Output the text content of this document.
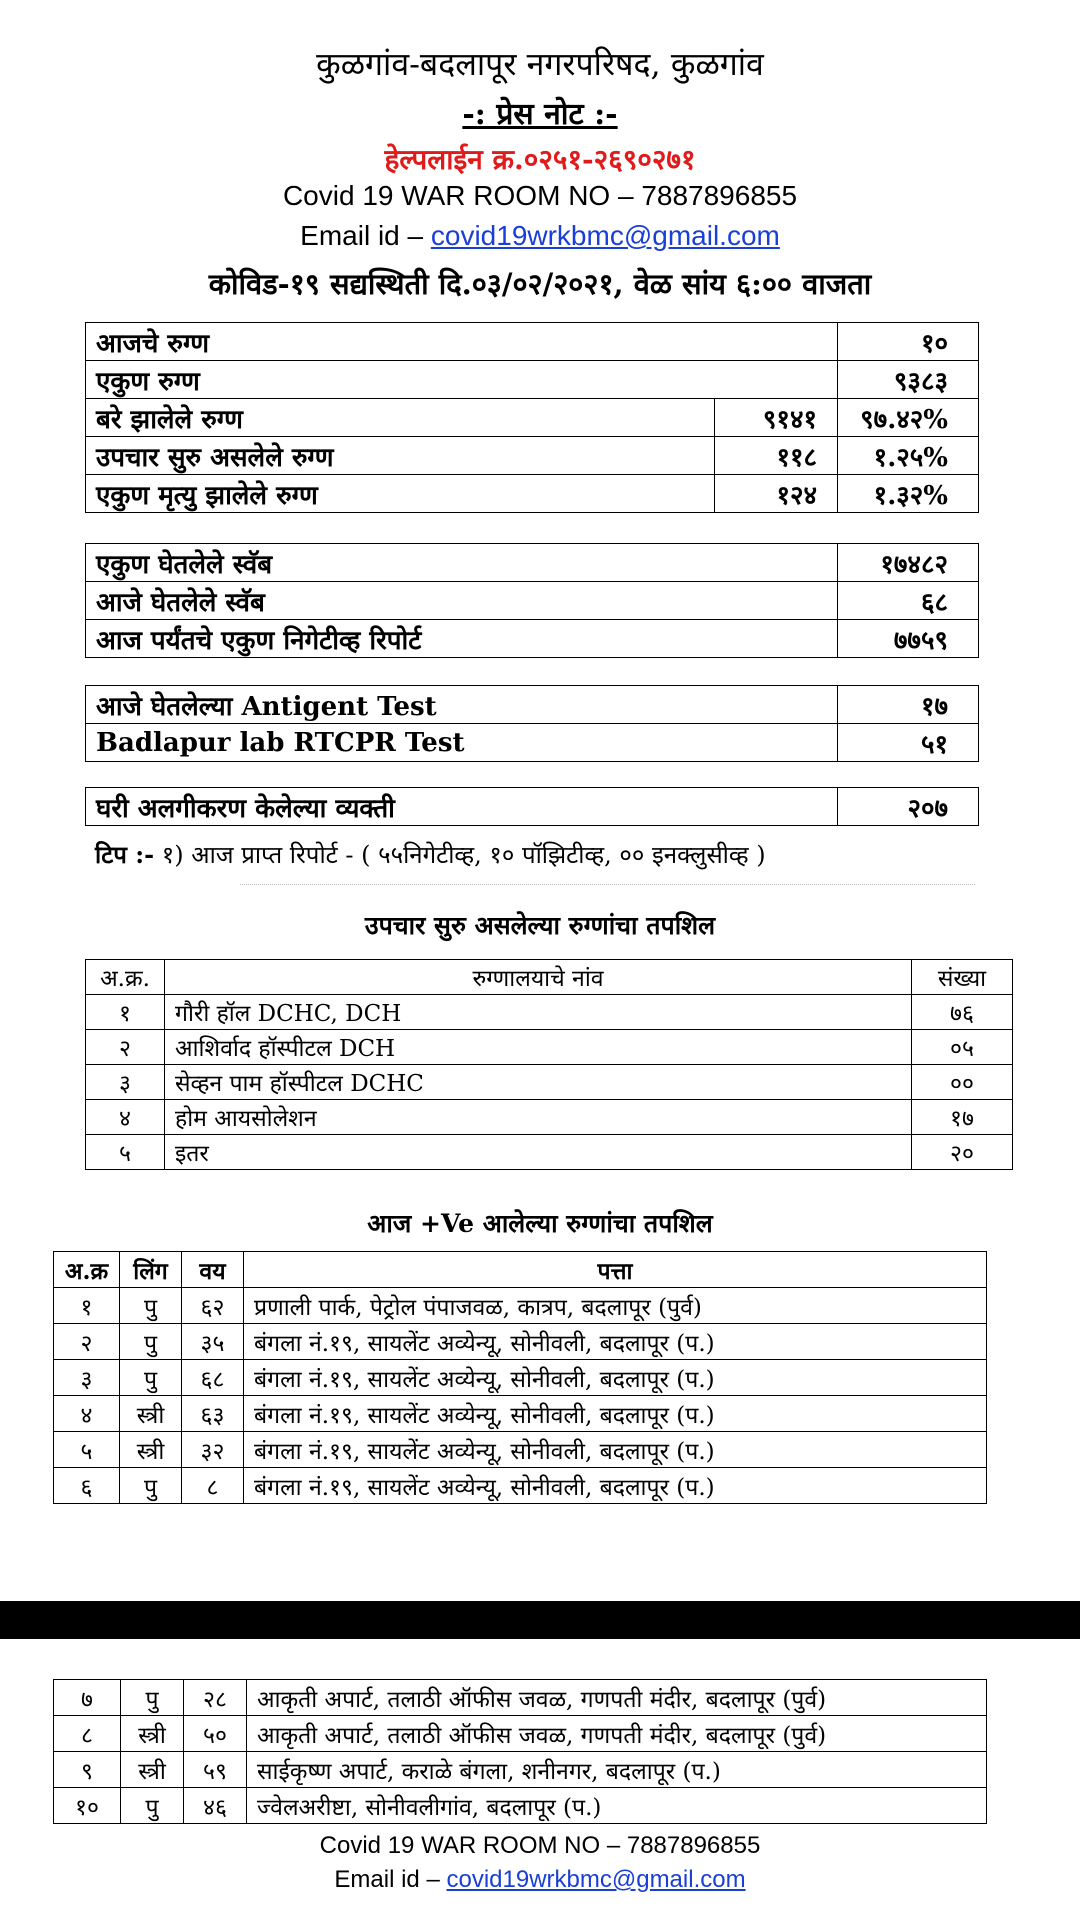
कुळगांव-बदलापूर नगरपरिषद, कुळगांव
-: प्रेस नोट :-
हेल्पलाईन क्र.०२५१-२६९०२७१
Covid 19 WAR ROOM NO – 7887896855
Email id – covid19wrkbmc@gmail.com
कोविड-१९ सद्यस्थिती दि.०३/०२/२०२१, वेळ सांय ६:०० वाजता
आजचे रुग्ण		१०
एकुण रुग्ण		९३८३
बरे झालेले रुग्ण	९१४१	९७.४२%
उपचार सुरु असलेले रुग्ण	११८	१.२५%
एकुण मृत्यु झालेले रुग्ण	१२४	१.३२%
एकुण घेतलेले स्वॅब	१७४८२
आजे घेतलेले स्वॅब	६८
आज पर्यंतचे एकुण निगेटीव्ह रिपोर्ट	७७५९
आजे घेतलेल्या Antigent Test	१७
Badlapur lab RTCPR Test	५१
घरी अलगीकरण केलेल्या व्यक्ती	२०७
टिप :- १) आज प्राप्त रिपोर्ट - ( ५५निगेटीव्ह, १० पॉझिटीव्ह, ०० इनक्लुसीव्ह )
उपचार सुरु असलेल्या रुग्णांचा तपशिल
अ.क्र.	रुग्णालयाचे नांव	संख्या
१	गौरी हॉल DCHC, DCH	७६
२	आशिर्वाद हॉस्पीटल DCH	०५
३	सेव्हन पाम हॉस्पीटल DCHC	००
४	होम आयसोलेशन	१७
५	इतर	२०
आज +Ve आलेल्या रुग्णांचा तपशिल
अ.क्र	लिंग	वय	पत्ता
१	पु	६२	प्रणाली पार्क, पेट्रोल पंपाजवळ, कात्रप, बदलापूर (पुर्व)
२	पु	३५	बंगला नं.१९, सायलेंट अव्येन्यू, सोनीवली, बदलापूर (प.)
३	पु	६८	बंगला नं.१९, सायलेंट अव्येन्यू, सोनीवली, बदलापूर (प.)
४	स्त्री	६३	बंगला नं.१९, सायलेंट अव्येन्यू, सोनीवली, बदलापूर (प.)
५	स्त्री	३२	बंगला नं.१९, सायलेंट अव्येन्यू, सोनीवली, बदलापूर (प.)
६	पु	८	बंगला नं.१९, सायलेंट अव्येन्यू, सोनीवली, बदलापूर (प.)
७	पु	२८	आकृती अपार्ट, तलाठी ऑफीस जवळ, गणपती मंदीर, बदलापूर (पुर्व)
८	स्त्री	५०	आकृती अपार्ट, तलाठी ऑफीस जवळ, गणपती मंदीर, बदलापूर (पुर्व)
९	स्त्री	५९	साईकृष्ण अपार्ट, कराळे बंगला, शनीनगर, बदलापूर (प.)
१०	पु	४६	ज्वेलअरीष्टा, सोनीवलीगांव, बदलापूर (प.)
Covid 19 WAR ROOM NO – 7887896855
Email id – covid19wrkbmc@gmail.com
